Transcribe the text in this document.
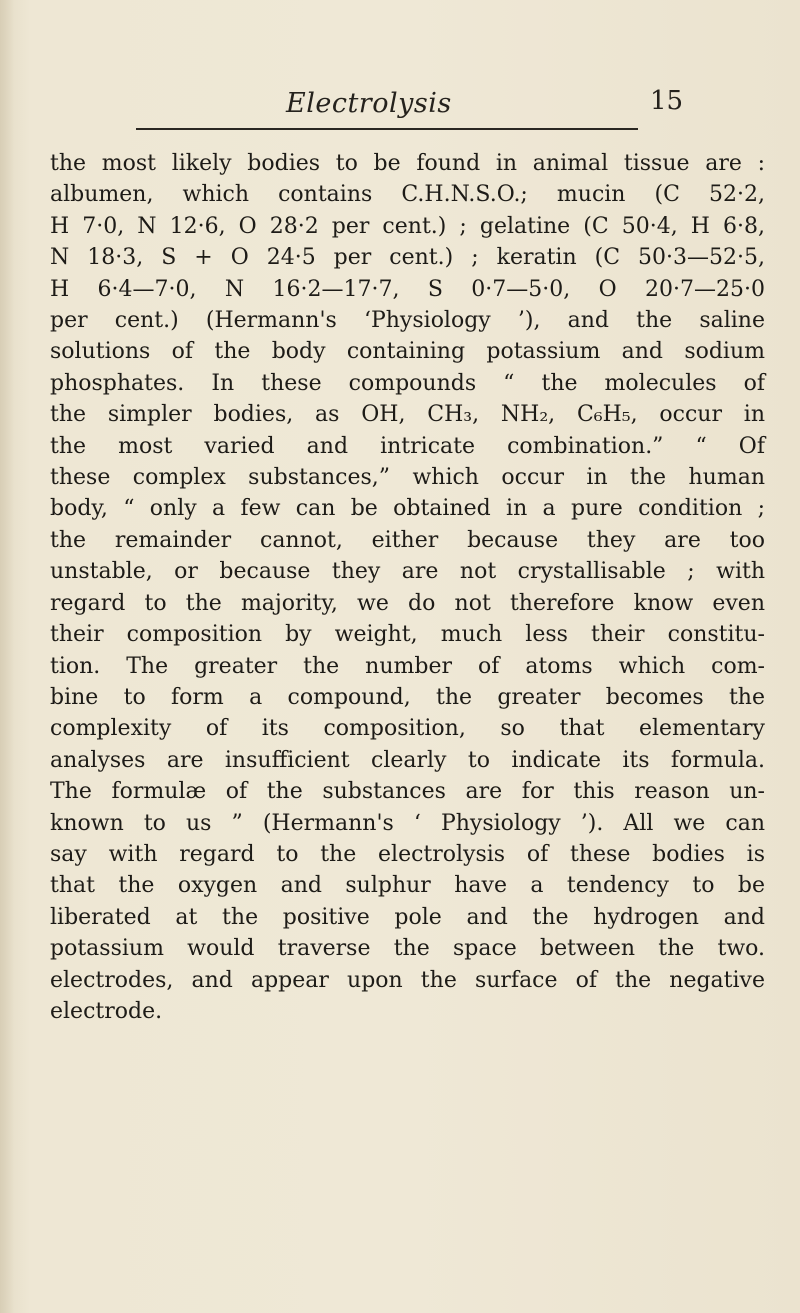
Electrolysis	15
the most likely bodies to be found in animal tissue are :
albumen, which contains C.H.N.S.O.; mucin (C 52·2,
H 7·0, N 12·6, O 28·2 per cent.) ; gelatine (C 50·4, H 6·8,
N 18·3, S + O 24·5 per cent.) ; keratin (C 50·3—52·5,
H 6·4—7·0, N 16·2—17·7, S 0·7—5·0, O 20·7—25·0
per cent.) (Hermann's ‘Physiology ’), and the saline
solutions of the body containing potassium and sodium
phosphates. In these compounds “ the molecules of
the simpler bodies, as OH, CH₃, NH₂, C₆H₅, occur in
the most varied and intricate combination.” “ Of
these complex substances,” which occur in the human
body, “ only a few can be obtained in a pure condition ;
the remainder cannot, either because they are too
unstable, or because they are not crystallisable ; with
regard to the majority, we do not therefore know even
their composition by weight, much less their constitu-
tion. The greater the number of atoms which com-
bine to form a compound, the greater becomes the
complexity of its composition, so that elementary
analyses are insufficient clearly to indicate its formula.
The formulæ of the substances are for this reason un-
known to us ” (Hermann's ‘ Physiology ’). All we can
say with regard to the electrolysis of these bodies is
that the oxygen and sulphur have a tendency to be
liberated at the positive pole and the hydrogen and
potassium would traverse the space between the two.
electrodes, and appear upon the surface of the negative
electrode.
